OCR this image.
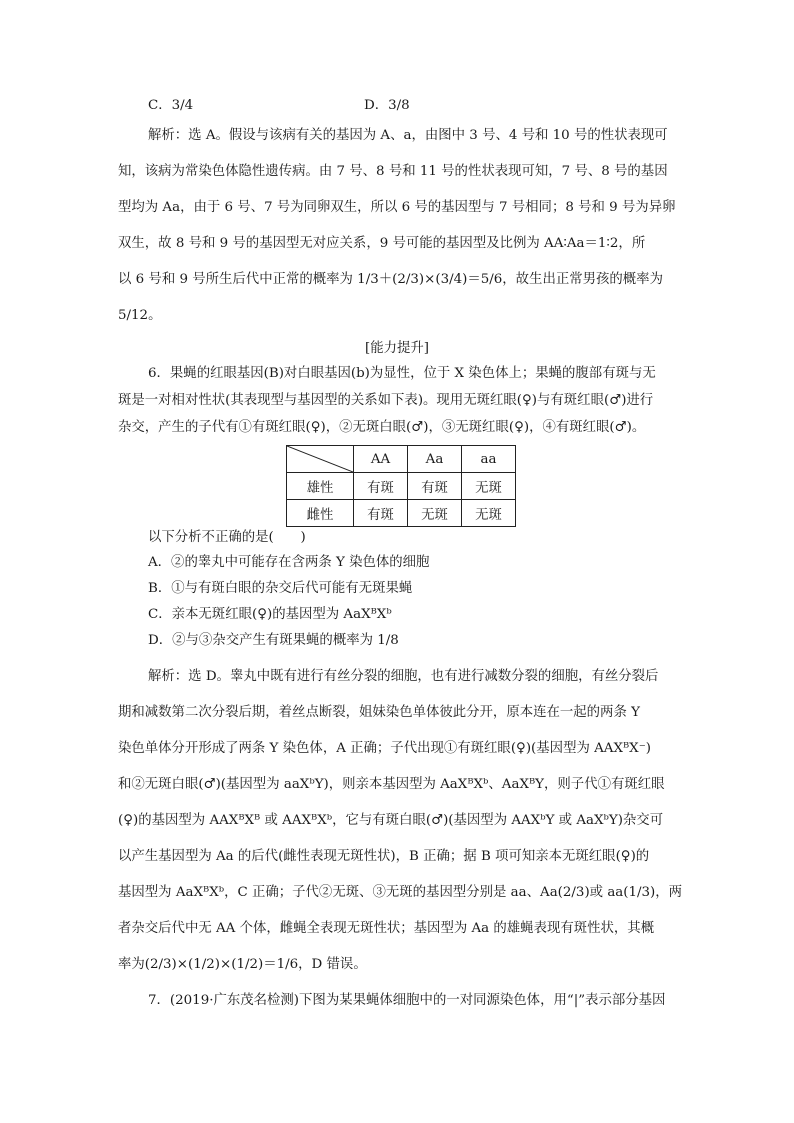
C．3/4	D．3/8
解析：选 A。假设与该病有关的基因为 A、a，由图中 3 号、4 号和 10 号的性状表现可
知，该病为常染色体隐性遗传病。由 7 号、8 号和 11 号的性状表现可知，7 号、8 号的基因
型均为 Aa，由于 6 号、7 号为同卵双生，所以 6 号的基因型与 7 号相同；8 号和 9 号为异卵
双生，故 8 号和 9 号的基因型无对应关系，9 号可能的基因型及比例为 AA∶Aa＝1∶2，所
以 6 号和 9 号所生后代中正常的概率为 1/3＋(2/3)×(3/4)＝5/6，故生出正常男孩的概率为
5/12。
[能力提升]
6．果蝇的红眼基因(B)对白眼基因(b)为显性，位于 X 染色体上；果蝇的腹部有斑与无
斑是一对相对性状(其表现型与基因型的关系如下表)。现用无斑红眼(♀)与有斑红眼(♂)进行
杂交，产生的子代有①有斑红眼(♀)，②无斑白眼(♂)，③无斑红眼(♀)，④有斑红眼(♂)。
	AA	Aa	aa
雄性	有斑	有斑	无斑
雌性	有斑	无斑	无斑
以下分析不正确的是(　　)
A．②的睾丸中可能存在含两条 Y 染色体的细胞
B．①与有斑白眼的杂交后代可能有无斑果蝇
C．亲本无斑红眼(♀)的基因型为 AaXᴮXᵇ
D．②与③杂交产生有斑果蝇的概率为 1/8
解析：选 D。睾丸中既有进行有丝分裂的细胞，也有进行减数分裂的细胞，有丝分裂后
期和减数第二次分裂后期，着丝点断裂，姐妹染色单体彼此分开，原本连在一起的两条 Y
染色单体分开形成了两条 Y 染色体，A 正确；子代出现①有斑红眼(♀)(基因型为 AAXᴮX⁻)
和②无斑白眼(♂)(基因型为 aaXᵇY)，则亲本基因型为 AaXᴮXᵇ、AaXᴮY，则子代①有斑红眼
(♀)的基因型为 AAXᴮXᴮ 或 AAXᴮXᵇ，它与有斑白眼(♂)(基因型为 AAXᵇY 或 AaXᵇY)杂交可
以产生基因型为 Aa 的后代(雌性表现无斑性状)，B 正确；据 B 项可知亲本无斑红眼(♀)的
基因型为 AaXᴮXᵇ，C 正确；子代②无斑、③无斑的基因型分别是 aa、Aa(2/3)或 aa(1/3)，两
者杂交后代中无 AA 个体，雌蝇全表现无斑性状；基因型为 Aa 的雄蝇表现有斑性状，其概
率为(2/3)×(1/2)×(1/2)＝1/6，D 错误。
7．(2019·广东茂名检测)下图为某果蝇体细胞中的一对同源染色体，用“|”表示部分基因
